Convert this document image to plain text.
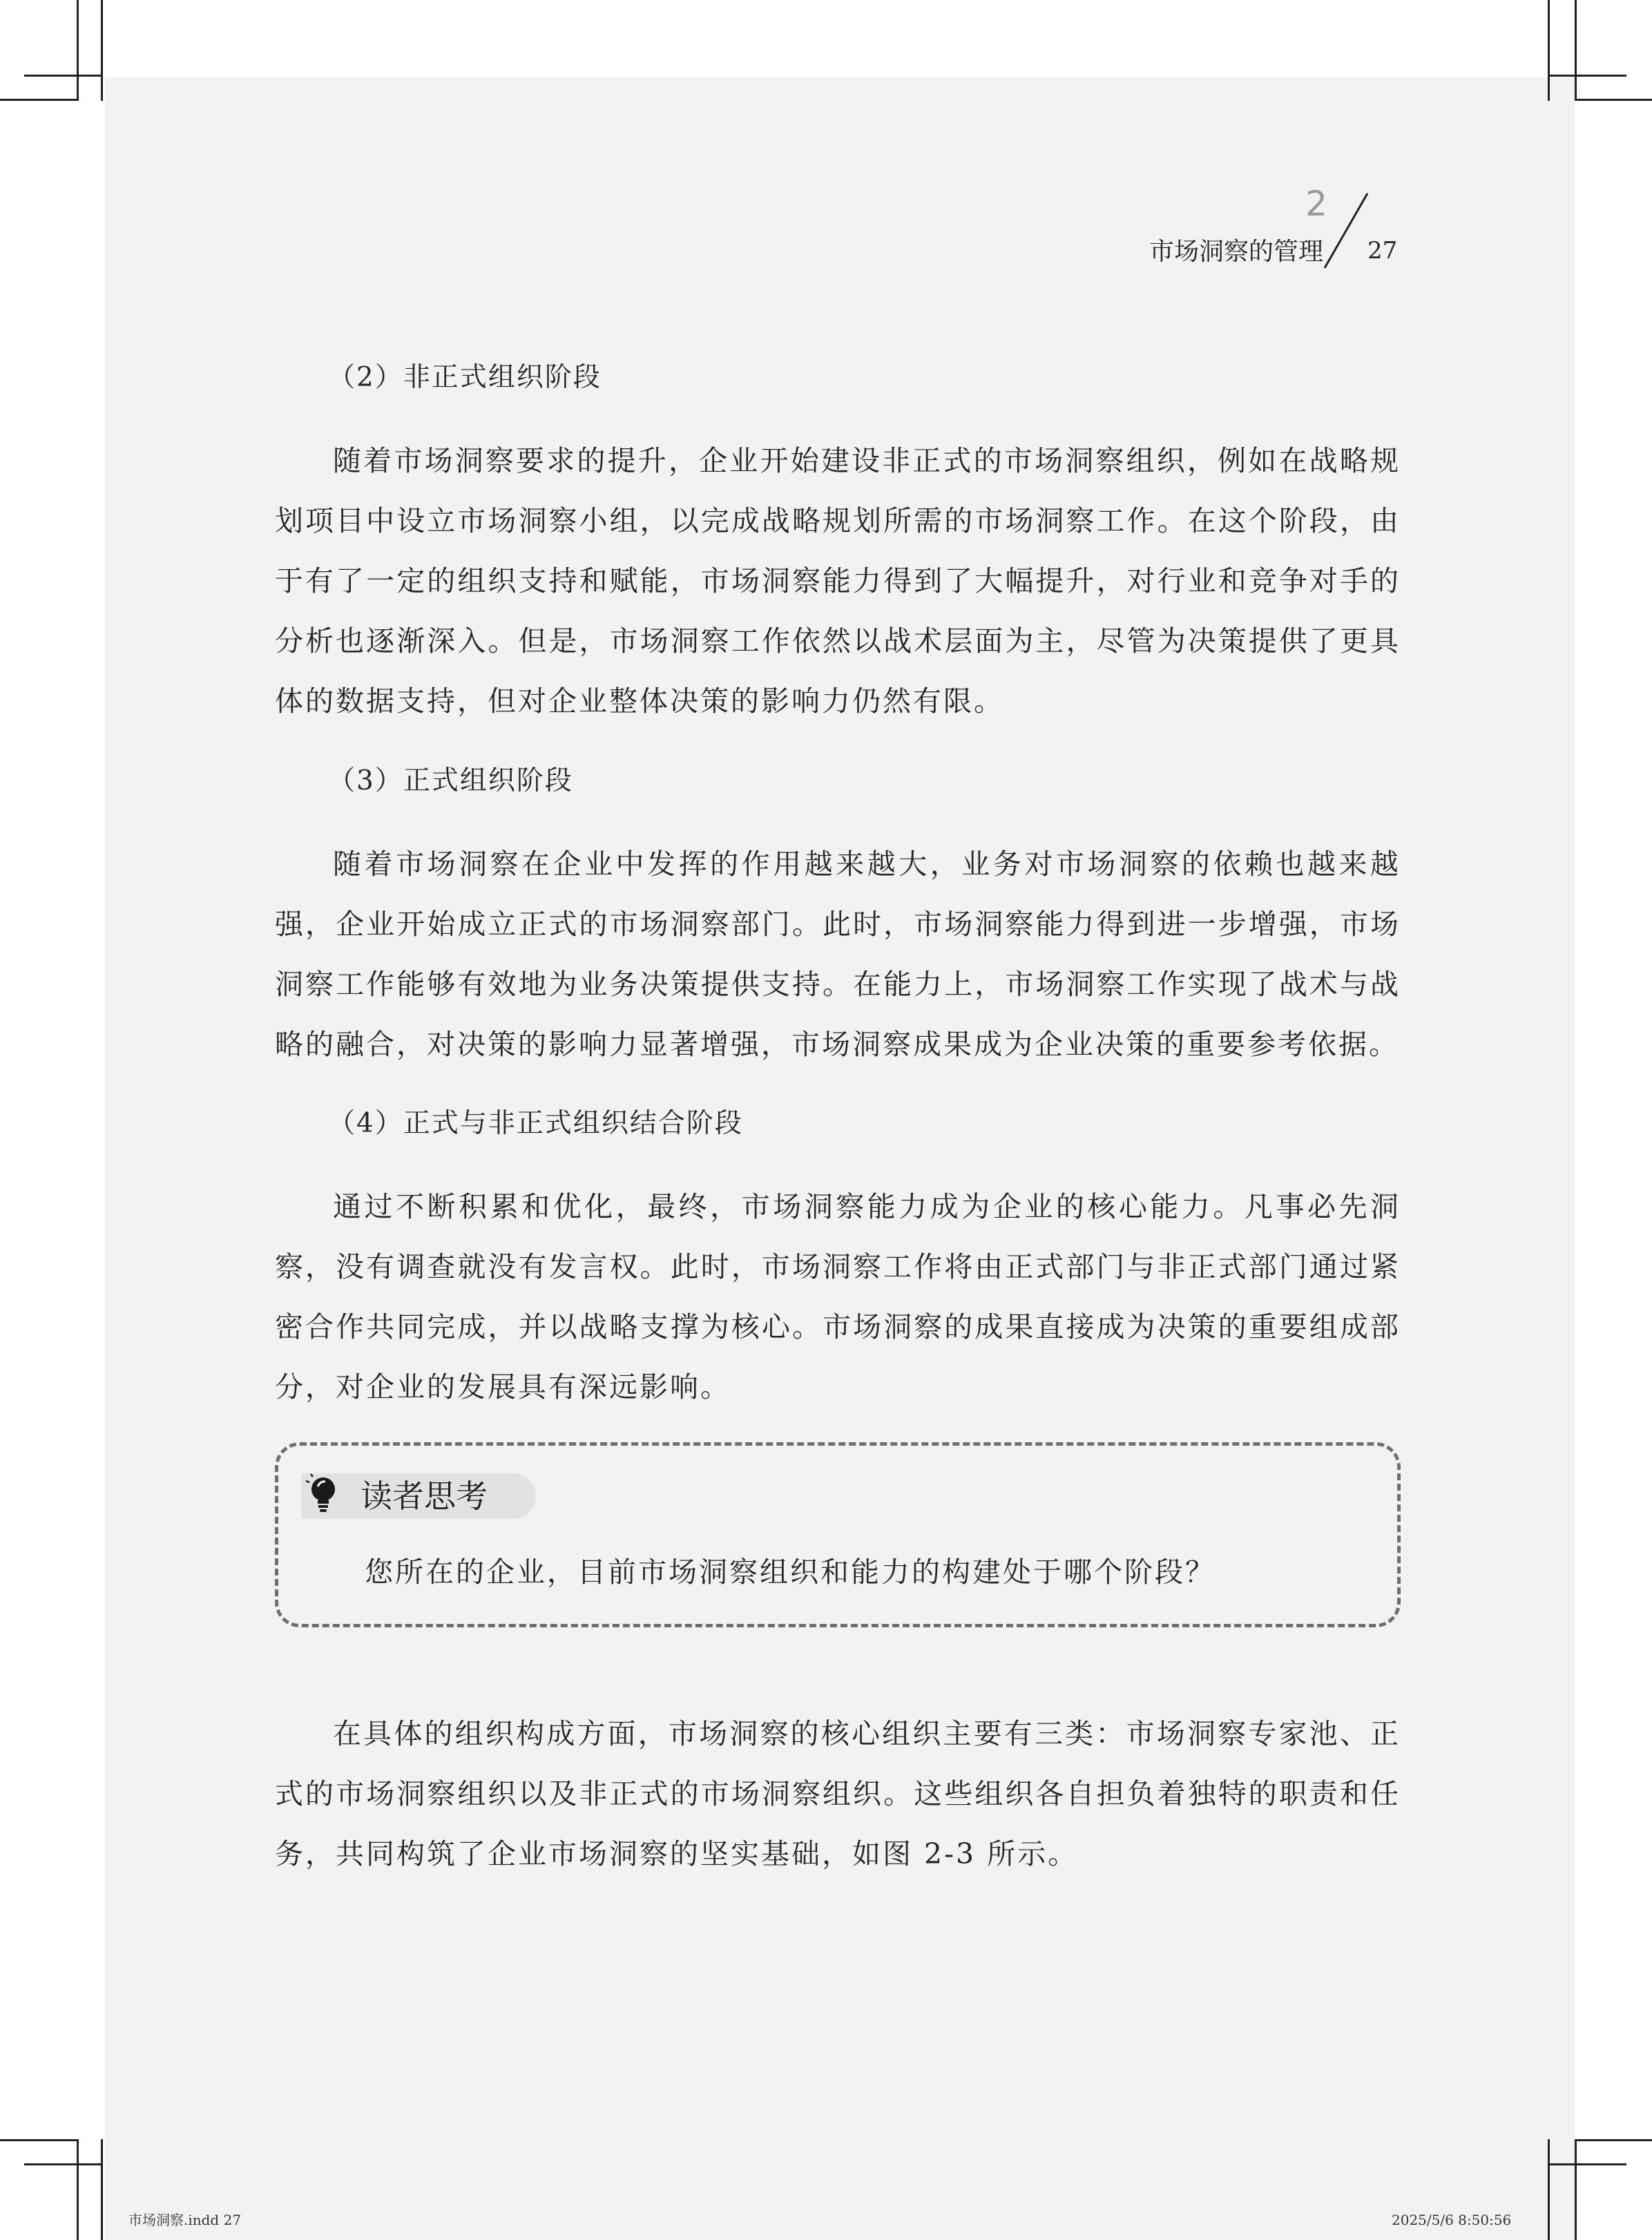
2
市场洞察的管理 27
（2）非正式组织阶段

随着市场洞察要求的提升，企业开始建设非正式的市场洞察组织，例如在战略规划项目中设立市场洞察小组，以完成战略规划所需的市场洞察工作。在这个阶段，由于有了一定的组织支持和赋能，市场洞察能力得到了大幅提升，对行业和竞争对手的分析也逐渐深入。但是，市场洞察工作依然以战术层面为主，尽管为决策提供了更具体的数据支持，但对企业整体决策的影响力仍然有限。

（3）正式组织阶段

随着市场洞察在企业中发挥的作用越来越大，业务对市场洞察的依赖也越来越强，企业开始成立正式的市场洞察部门。此时，市场洞察能力得到进一步增强，市场洞察工作能够有效地为业务决策提供支持。在能力上，市场洞察工作实现了战术与战略的融合，对决策的影响力显著增强，市场洞察成果成为企业决策的重要参考依据。

（4）正式与非正式组织结合阶段

通过不断积累和优化，最终，市场洞察能力成为企业的核心能力。凡事必先洞察，没有调查就没有发言权。此时，市场洞察工作将由正式部门与非正式部门通过紧密合作共同完成，并以战略支撑为核心。市场洞察的成果直接成为决策的重要组成部分，对企业的发展具有深远影响。

读者思考
您所在的企业，目前市场洞察组织和能力的构建处于哪个阶段？

在具体的组织构成方面，市场洞察的核心组织主要有三类：市场洞察专家池、正式的市场洞察组织以及非正式的市场洞察组织。这些组织各自担负着独特的职责和任务，共同构筑了企业市场洞察的坚实基础，如图 2-3 所示。

市场洞察.indd 27	2025/5/6 8:50:56
